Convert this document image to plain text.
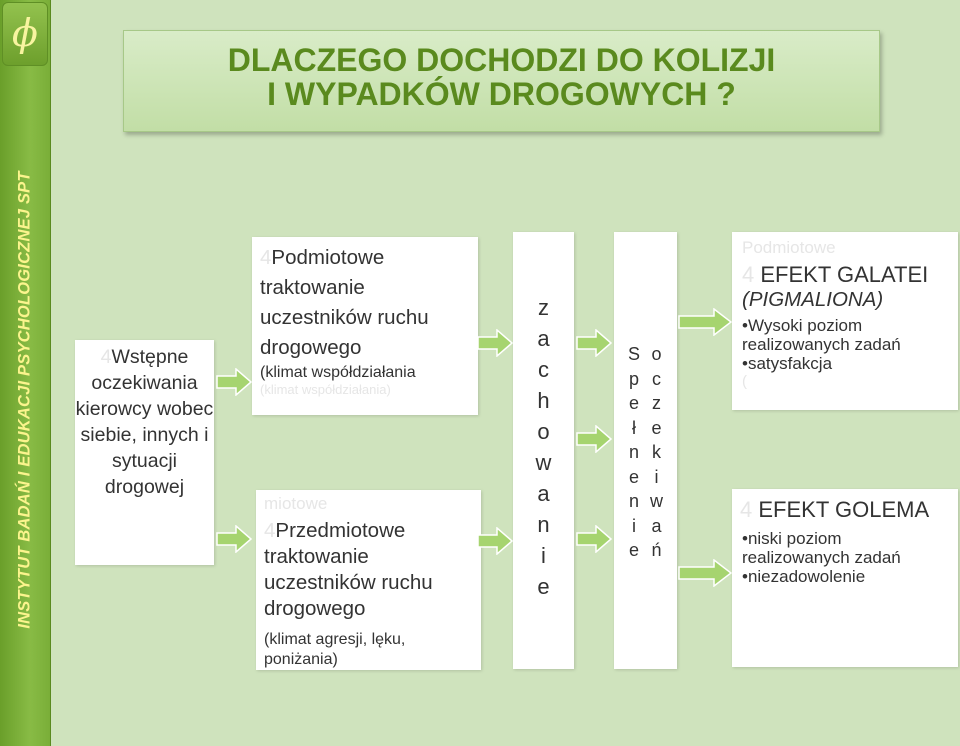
ϕ
INSTYTUT BADAŃ I EDUKACJI PSYCHOLOGICZNEJ SPT
DLACZEGO DOCHODZI DO KOLIZJI
I WYPADKÓW DROGOWYCH ?
4Wstępne oczekiwania kierowcy wobec siebie, innych i sytuacji drogowej
4Podmiotowe traktowanie uczestników ruchu drogowego
(klimat współdziałania
(klimat współdziałania)
miotowe
4Przedmiotowe traktowanie uczestników ruchu drogowego
(klimat agresji, lęku, poniżania)
z
a
c
h
o
w
a
n
i
e
S
p
e
ł
n
e
n
i
e
o
c
z
e
k
i
w
a
ń
Podmiotowe
4 EFEKT GALATEI
(PIGMALIONA)
• Wysoki poziom realizowanych zadań
• satysfakcja
(
4 EFEKT GOLEMA
• niski poziom realizowanych zadań
• niezadowolenie
